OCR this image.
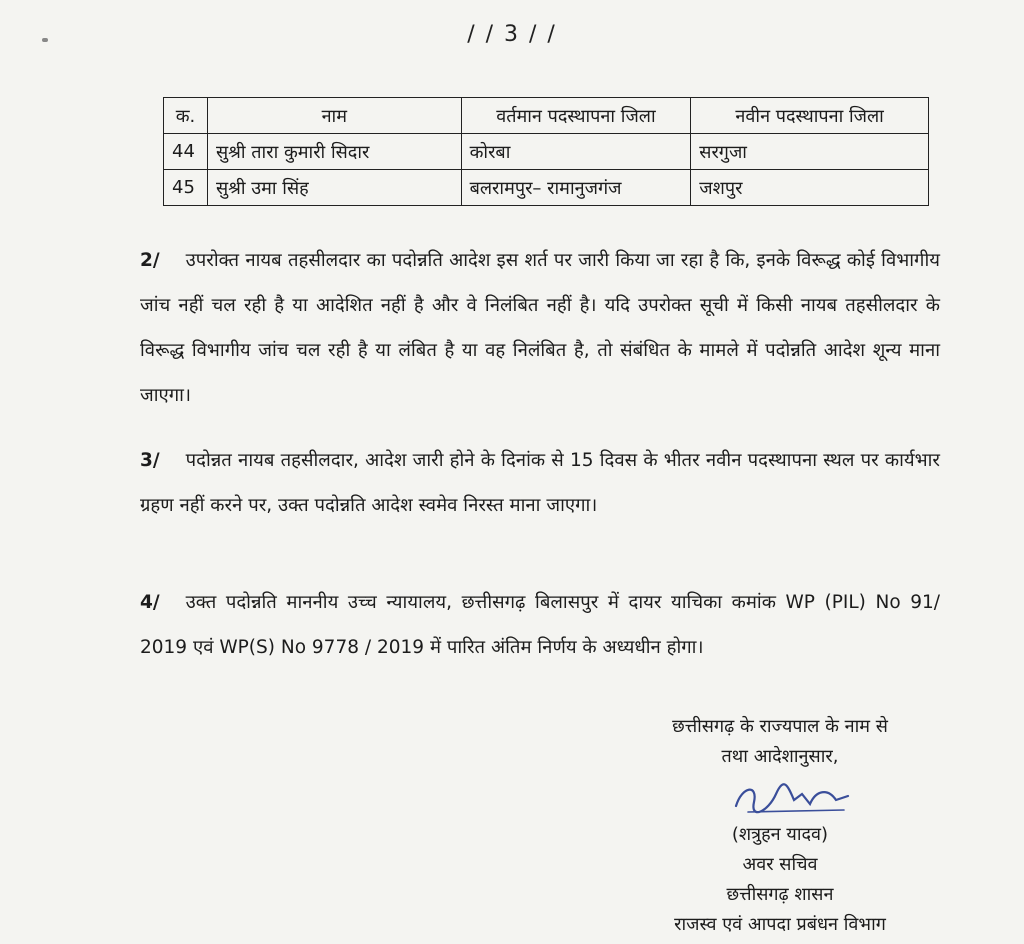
/ / 3 / /
क.	नाम	वर्तमान पदस्थापना जिला	नवीन पदस्थापना जिला
44	सुश्री तारा कुमारी सिदार	कोरबा	सरगुजा
45	सुश्री उमा सिंह	बलरामपुर– रामानुजगंज	जशपुर

2/ उपरोक्त नायब तहसीलदार का पदोन्नति आदेश इस शर्त पर जारी किया जा रहा है कि, इनके विरूद्ध कोई विभागीय जांच नहीं चल रही है या आदेशित नहीं है और वे निलंबित नहीं है। यदि उपरोक्त सूची में किसी नायब तहसीलदार के विरूद्ध विभागीय जांच चल रही है या लंबित है या वह निलंबित है, तो संबंधित के मामले में पदोन्नति आदेश शून्य माना जाएगा।

3/ पदोन्नत नायब तहसीलदार, आदेश जारी होने के दिनांक से 15 दिवस के भीतर नवीन पदस्थापना स्थल पर कार्यभार ग्रहण नहीं करने पर, उक्त पदोन्नति आदेश स्वमेव निरस्त माना जाएगा।

4/ उक्त पदोन्नति माननीय उच्च न्यायालय, छत्तीसगढ़ बिलासपुर में दायर याचिका कमांक WP (PIL) No 91/ 2019 एवं WP(S) No 9778 / 2019 में पारित अंतिम निर्णय के अध्यधीन होगा।

छत्तीसगढ़ के राज्यपाल के नाम से
तथा आदेशानुसार,
(शत्रुहन यादव)
अवर सचिव
छत्तीसगढ़ शासन
राजस्व एवं आपदा प्रबंधन विभाग
